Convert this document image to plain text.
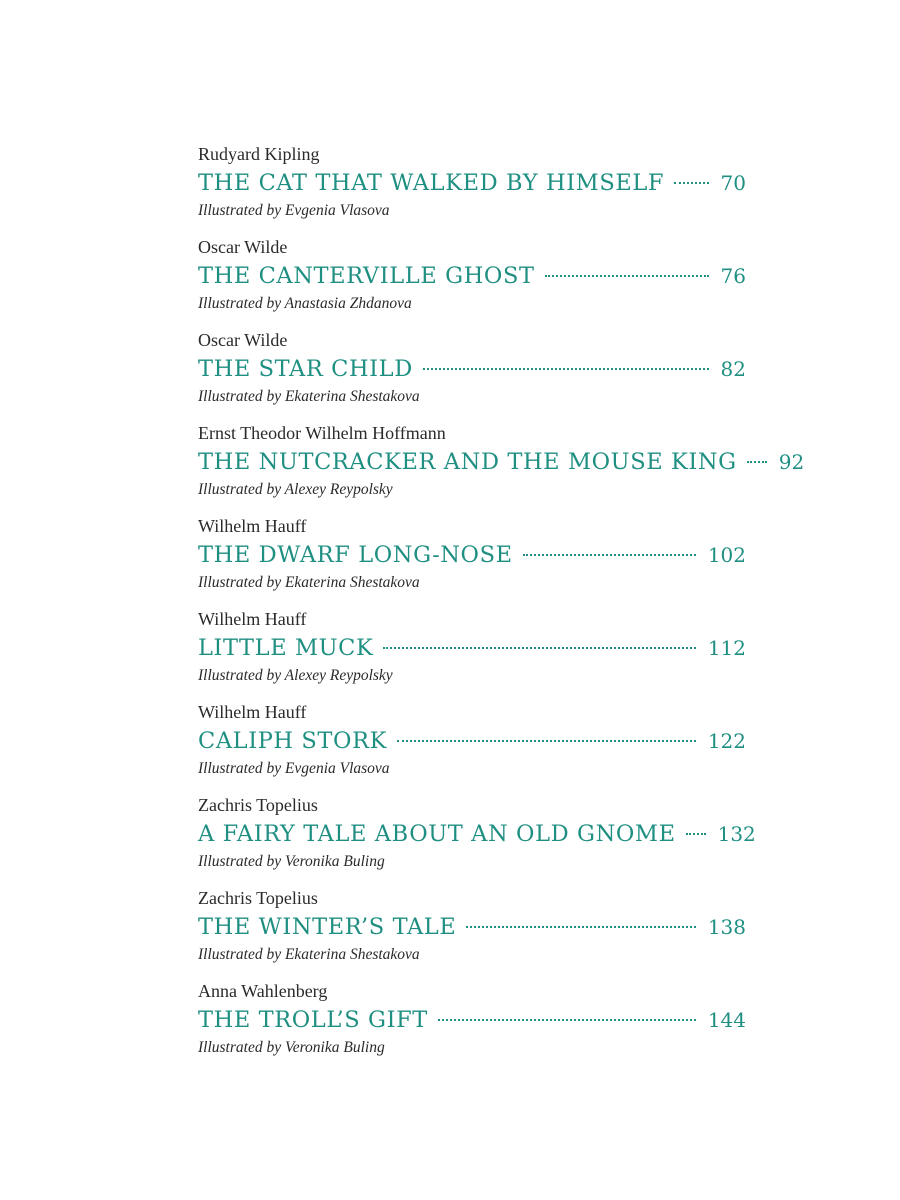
Rudyard Kipling
THE CAT THAT WALKED BY HIMSELF	70
Illustrated by Evgenia Vlasova
Oscar Wilde
THE CANTERVILLE GHOST	76
Illustrated by Anastasia Zhdanova
Oscar Wilde
THE STAR CHILD	82
Illustrated by Ekaterina Shestakova
Ernst Theodor Wilhelm Hoffmann
THE NUTCRACKER AND THE MOUSE KING 92
Illustrated by Alexey Reypolsky
Wilhelm Hauff
THE DWARF LONG-NOSE	102
Illustrated by Ekaterina Shestakova
Wilhelm Hauff
LITTLE MUCK	112
Illustrated by Alexey Reypolsky
Wilhelm Hauff
CALIPH STORK	122
Illustrated by Evgenia Vlasova
Zachris Topelius
A FAIRY TALE ABOUT AN OLD GNOME 132
Illustrated by Veronika Buling
Zachris Topelius
THE WINTER’S TALE	138
Illustrated by Ekaterina Shestakova
Anna Wahlenberg
THE TROLL’S GIFT	144
Illustrated by Veronika Buling
